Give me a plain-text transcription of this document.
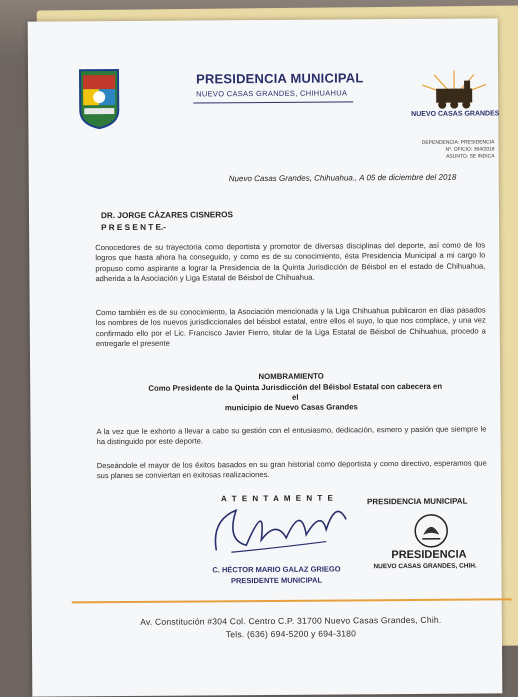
Nuevo Casas Grandes
PRESIDENCIA MUNICIPAL
NUEVO CASAS GRANDES, CHIHUAHUA
NUEVO CASAS GRANDES
DEPENDENCIA: PRESIDENCIA
Nº. OFICIO: 364/2018
ASUNTO: SE INDICA
Nuevo Casas Grandes, Chihuahua., A 05 de diciembre del 2018
DR. JORGE CÀZARES CISNEROS
P R E S E N T E.-
Conocedores de su trayectoria como deportista y promotor de diversas disciplinas del deporte, así como de los logros que hasta ahora ha conseguido, y como es de su conocimiento, ésta Presidencia Municipal a mi cargo lo propuso como aspirante a lograr la Presidencia de la Quinta Jurisdicción de Béisbol en el estado de Chihuahua, adherida a la Asociación y Liga Estatal de Béisbol de Chihuahua.
Como también es de su conocimiento, la Asociación mencionada y la Liga Chihuahua publicaron en días pasados los nombres de los nuevos jurisdiccionales del béisbol estatal, entre ellos el suyo, lo que nos complace, y una vez confirmado ello por el Lic. Francisco Javier Fierro, titular de la Liga Estatal de Béisbol de Chihuahua, procedo a entregarle el presente
NOMBRAMIENTO
Como Presidente de la Quinta Jurisdicción del Béisbol Estatal con cabecera en el
municipio de Nuevo Casas Grandes
A la vez que le exhorto a llevar a cabo su gestión con el entusiasmo, dedicación, esmero y pasión que siempre le ha distinguido por este deporte.
Deseándole el mayor de los éxitos basados en su gran historial como deportista y como directivo, esperamos que sus planes se conviertan en exitosas realizaciones.
A T E N T A M E N T E
C. HÉCTOR MARIO GALAZ GRIEGO
PRESIDENTE MUNICIPAL
PRESIDENCIA MUNICIPAL
PRESIDENCIA
NUEVO CASAS GRANDES, CHIH.
Av. Constitución #304 Col. Centro C.P. 31700 Nuevo Casas Grandes, Chih.
Tels. (636) 694-5200 y 694-3180
